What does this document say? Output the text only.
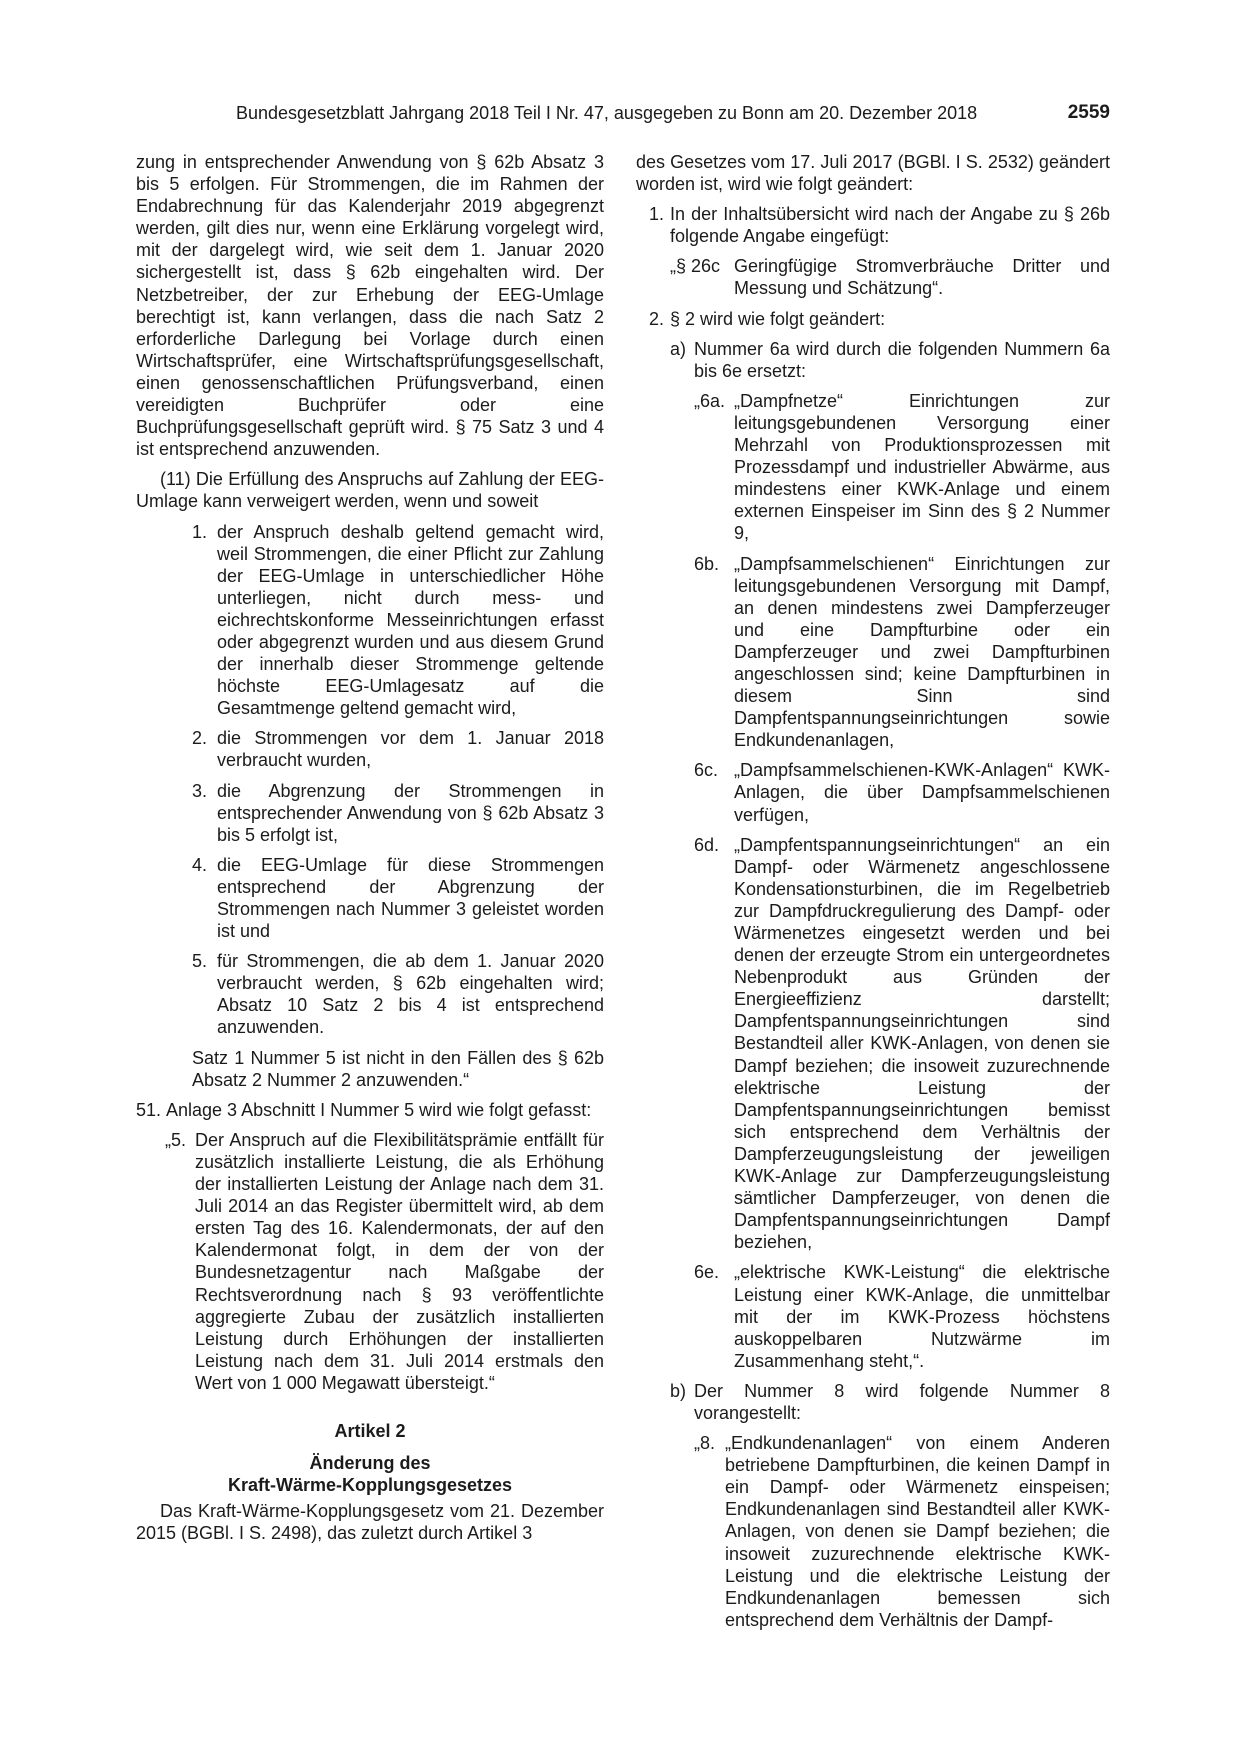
Bundesgesetzblatt Jahrgang 2018 Teil I Nr. 47, ausgegeben zu Bonn am 20. Dezember 2018	2559

zung in entsprechender Anwendung von § 62b Absatz 3 bis 5 erfolgen. Für Strommengen, die im Rahmen der Endabrechnung für das Kalenderjahr 2019 abgegrenzt werden, gilt dies nur, wenn eine Erklärung vorgelegt wird, mit der dargelegt wird, wie seit dem 1. Januar 2020 sichergestellt ist, dass § 62b eingehalten wird. Der Netzbetreiber, der zur Erhebung der EEG-Umlage berechtigt ist, kann verlangen, dass die nach Satz 2 erforderliche Darlegung bei Vorlage durch einen Wirtschaftsprüfer, eine Wirtschaftsprüfungsgesellschaft, einen genossenschaftlichen Prüfungsverband, einen vereidigten Buchprüfer oder eine Buchprüfungsgesellschaft geprüft wird. § 75 Satz 3 und 4 ist entsprechend anzuwenden.

(11) Die Erfüllung des Anspruchs auf Zahlung der EEG-Umlage kann verweigert werden, wenn und soweit

1. der Anspruch deshalb geltend gemacht wird, weil Strommengen, die einer Pflicht zur Zahlung der EEG-Umlage in unterschiedlicher Höhe unterliegen, nicht durch mess- und eichrechtskonforme Messeinrichtungen erfasst oder abgegrenzt wurden und aus diesem Grund der innerhalb dieser Strommenge geltende höchste EEG-Umlagesatz auf die Gesamtmenge geltend gemacht wird,
2. die Strommengen vor dem 1. Januar 2018 verbraucht wurden,
3. die Abgrenzung der Strommengen in entsprechender Anwendung von § 62b Absatz 3 bis 5 erfolgt ist,
4. die EEG-Umlage für diese Strommengen entsprechend der Abgrenzung der Strommengen nach Nummer 3 geleistet worden ist und
5. für Strommengen, die ab dem 1. Januar 2020 verbraucht werden, § 62b eingehalten wird; Absatz 10 Satz 2 bis 4 ist entsprechend anzuwenden.

Satz 1 Nummer 5 ist nicht in den Fällen des § 62b Absatz 2 Nummer 2 anzuwenden.“

51. Anlage 3 Abschnitt I Nummer 5 wird wie folgt gefasst:
„5. Der Anspruch auf die Flexibilitätsprämie entfällt für zusätzlich installierte Leistung, die als Erhöhung der installierten Leistung der Anlage nach dem 31. Juli 2014 an das Register übermittelt wird, ab dem ersten Tag des 16. Kalendermonats, der auf den Kalendermonat folgt, in dem der von der Bundesnetzagentur nach Maßgabe der Rechtsverordnung nach § 93 veröffentlichte aggregierte Zubau der zusätzlich installierten Leistung durch Erhöhungen der installierten Leistung nach dem 31. Juli 2014 erstmals den Wert von 1 000 Megawatt übersteigt.“

Artikel 2

Änderung des
Kraft-Wärme-Kopplungsgesetzes

Das Kraft-Wärme-Kopplungsgesetz vom 21. Dezember 2015 (BGBl. I S. 2498), das zuletzt durch Artikel 3

des Gesetzes vom 17. Juli 2017 (BGBl. I S. 2532) geändert worden ist, wird wie folgt geändert:

1. In der Inhaltsübersicht wird nach der Angabe zu § 26b folgende Angabe eingefügt:
„§ 26c Geringfügige Stromverbräuche Dritter und Messung und Schätzung“.
2. § 2 wird wie folgt geändert:
a) Nummer 6a wird durch die folgenden Nummern 6a bis 6e ersetzt:
„6a. „Dampfnetze“ Einrichtungen zur leitungsgebundenen Versorgung einer Mehrzahl von Produktionsprozessen mit Prozessdampf und industrieller Abwärme, aus mindestens einer KWK-Anlage und einem externen Einspeiser im Sinn des § 2 Nummer 9,
6b. „Dampfsammelschienen“ Einrichtungen zur leitungsgebundenen Versorgung mit Dampf, an denen mindestens zwei Dampferzeuger und eine Dampfturbine oder ein Dampferzeuger und zwei Dampfturbinen angeschlossen sind; keine Dampfturbinen in diesem Sinn sind Dampfentspannungseinrichtungen sowie Endkundenanlagen,
6c. „Dampfsammelschienen-KWK-Anlagen“ KWK-Anlagen, die über Dampfsammelschienen verfügen,
6d. „Dampfentspannungseinrichtungen“ an ein Dampf- oder Wärmenetz angeschlossene Kondensationsturbinen, die im Regelbetrieb zur Dampfdruckregulierung des Dampf- oder Wärmenetzes eingesetzt werden und bei denen der erzeugte Strom ein untergeordnetes Nebenprodukt aus Gründen der Energieeffizienz darstellt; Dampfentspannungseinrichtungen sind Bestandteil aller KWK-Anlagen, von denen sie Dampf beziehen; die insoweit zuzurechnende elektrische Leistung der Dampfentspannungseinrichtungen bemisst sich entsprechend dem Verhältnis der Dampferzeugungsleistung der jeweiligen KWK-Anlage zur Dampferzeugungsleistung sämtlicher Dampferzeuger, von denen die Dampfentspannungseinrichtungen Dampf beziehen,
6e. „elektrische KWK-Leistung“ die elektrische Leistung einer KWK-Anlage, die unmittelbar mit der im KWK-Prozess höchstens auskoppelbaren Nutzwärme im Zusammenhang steht,“.
b) Der Nummer 8 wird folgende Nummer 8 vorangestellt:
„8. „Endkundenanlagen“ von einem Anderen betriebene Dampfturbinen, die keinen Dampf in ein Dampf- oder Wärmenetz einspeisen; Endkundenanlagen sind Bestandteil aller KWK-Anlagen, von denen sie Dampf beziehen; die insoweit zuzurechnende elektrische KWK-Leistung und die elektrische Leistung der Endkundenanlagen bemessen sich entsprechend dem Verhältnis der Dampf-
